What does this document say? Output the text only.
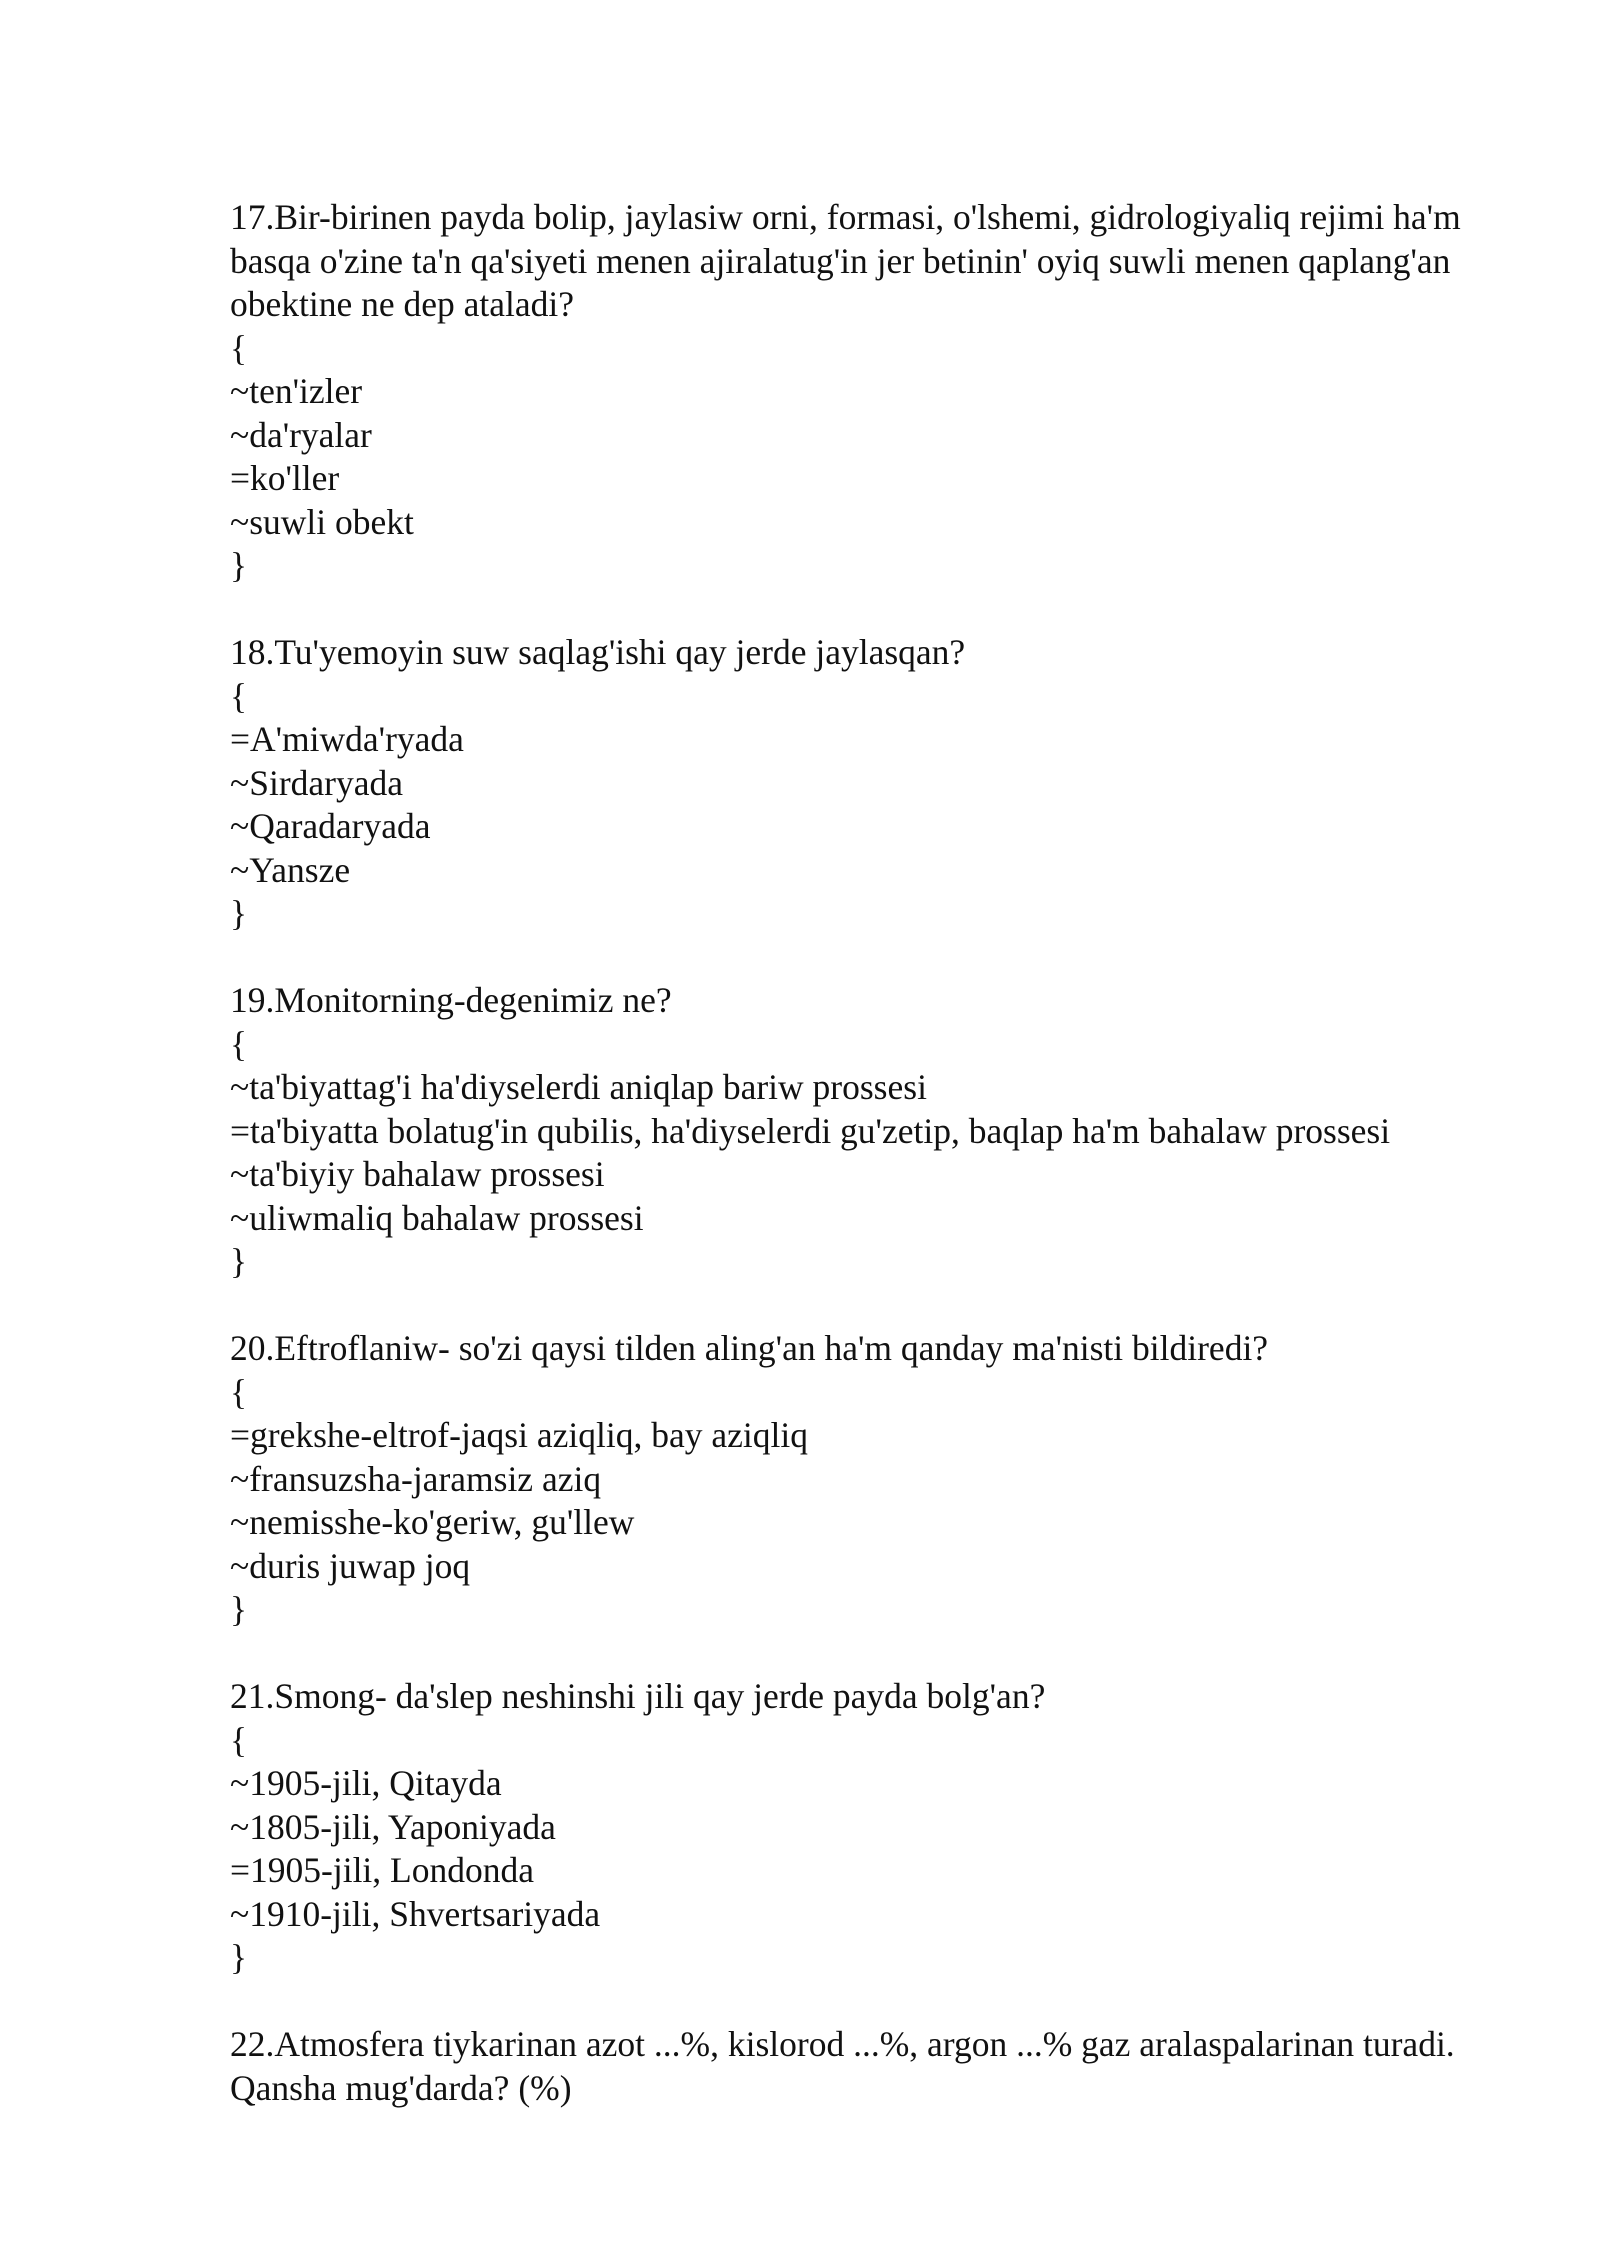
17.Bir-birinen payda bolip, jaylasiw orni, formasi, o'lshemi, gidrologiyaliq rejimi ha'm basqa o'zine ta'n qa'siyeti menen ajiralatug'in jer betinin' oyiq suwli menen qaplang'an obektine ne dep ataladi?
{
~ten'izler
~da'ryalar
=ko'ller
~suwli obekt
}
18.Tu'yemoyin suw saqlag'ishi qay jerde jaylasqan?
{
=A'miwda'ryada
~Sirdaryada
~Qaradaryada
~Yansze
}
19.Monitorning-degenimiz ne?
{
~ta'biyattag'i ha'diyselerdi aniqlap bariw prossesi
=ta'biyatta bolatug'in qubilis, ha'diyselerdi gu'zetip, baqlap ha'm bahalaw prossesi
~ta'biyiy bahalaw prossesi
~uliwmaliq bahalaw prossesi
}
20.Eftroflaniw- so'zi qaysi tilden aling'an ha'm qanday ma'nisti bildiredi?
{
=grekshe-eltrof-jaqsi aziqliq, bay aziqliq
~fransuzsha-jaramsiz aziq
~nemisshe-ko'geriw, gu'llew
~duris juwap joq
}
21.Smong- da'slep neshinshi jili qay jerde payda bolg'an?
{
~1905-jili, Qitayda
~1805-jili, Yaponiyada
=1905-jili, Londonda
~1910-jili, Shvertsariyada
}
22.Atmosfera tiykarinan azot ...%, kislorod ...%, argon ...% gaz aralaspalarinan turadi. Qansha mug'darda? (%)
